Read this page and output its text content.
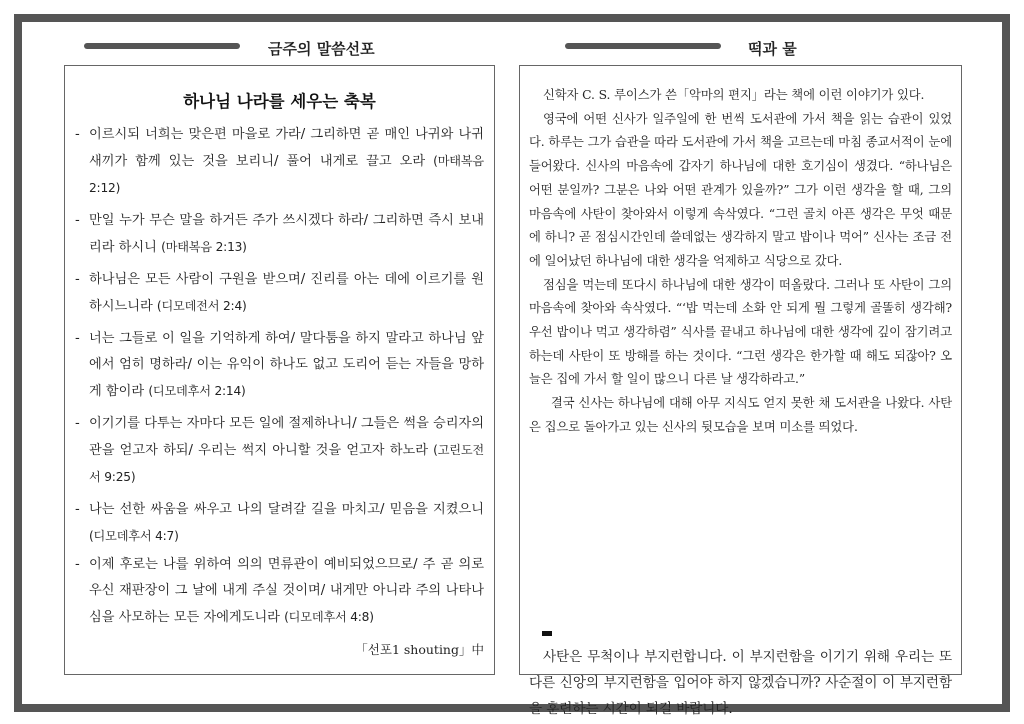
금주의 말씀선포	떡과 물
하나님 나라를 세우는 축복
- 이르시되 너희는 맞은편 마을로 가라/ 그리하면 곧 매인 나귀와 나귀 새끼가 함께 있는 것을 보리니/ 풀어 내게로 끌고 오라 (마태복음 2:12)
- 만일 누가 무슨 말을 하거든 주가 쓰시겠다 하라/ 그리하면 즉시 보내리라 하시니 (마태복음 2:13)
- 하나님은 모든 사람이 구원을 받으며/ 진리를 아는 데에 이르기를 원하시느니라 (디모데전서 2:4)
- 너는 그들로 이 일을 기억하게 하여/ 말다툼을 하지 말라고 하나님 앞에서 엄히 명하라/ 이는 유익이 하나도 없고 도리어 듣는 자들을 망하게 함이라 (디모데후서 2:14)
- 이기기를 다투는 자마다 모든 일에 절제하나니/ 그들은 썩을 승리자의 관을 얻고자 하되/ 우리는 썩지 아니할 것을 얻고자 하노라 (고린도전서 9:25)
- 나는 선한 싸움을 싸우고 나의 달려갈 길을 마치고/ 믿음을 지켰으니 (디모데후서 4:7)
- 이제 후로는 나를 위하여 의의 면류관이 예비되었으므로/ 주 곧 의로우신 재판장이 그 날에 내게 주실 것이며/ 내게만 아니라 주의 나타나심을 사모하는 모든 자에게도니라 (디모데후서 4:8)
「선포1 shouting」中

신학자 C. S. 루이스가 쓴「악마의 편지」라는 책에 이런 이야기가 있다.

영국에 어떤 신사가 일주일에 한 번씩 도서관에 가서 책을 읽는 습관이 있었다. 하루는 그가 습관을 따라 도서관에 가서 책을 고르는데 마침 종교서적이 눈에 들어왔다. 신사의 마음속에 갑자기 하나님에 대한 호기심이 생겼다. “하나님은 어떤 분일까? 그분은 나와 어떤 관계가 있을까?” 그가 이런 생각을 할 때, 그의 마음속에 사탄이 찾아와서 이렇게 속삭였다. “그런 골치 아픈 생각은 무엇 때문에 하니? 곧 점심시간인데 쓸데없는 생각하지 말고 밥이나 먹어” 신사는 조금 전에 일어났던 하나님에 대한 생각을 억제하고 식당으로 갔다.

점심을 먹는데 또다시 하나님에 대한 생각이 떠올랐다. 그러나 또 사탄이 그의 마음속에 찾아와 속삭였다. “‘밥 먹는데 소화 안 되게 뭘 그렇게 골똘히 생각해? 우선 밥이나 먹고 생각하렴” 식사를 끝내고 하나님에 대한 생각에 깊이 잠기려고 하는데 사탄이 또 방해를 하는 것이다. “그런 생각은 한가할 때 해도 되잖아? 오늘은 집에 가서 할 일이 많으니 다른 날 생각하라고.”

결국 신사는 하나님에 대해 아무 지식도 얻지 못한 채 도서관을 나왔다. 사탄은 집으로 돌아가고 있는 신사의 뒷모습을 보며 미소를 띄었다.

사탄은 무척이나 부지런합니다. 이 부지런함을 이기기 위해 우리는 또 다른 신앙의 부지런함을 입어야 하지 않겠습니까? 사순절이 이 부지런함을 훈련하는 시간이 되길 바랍니다.
